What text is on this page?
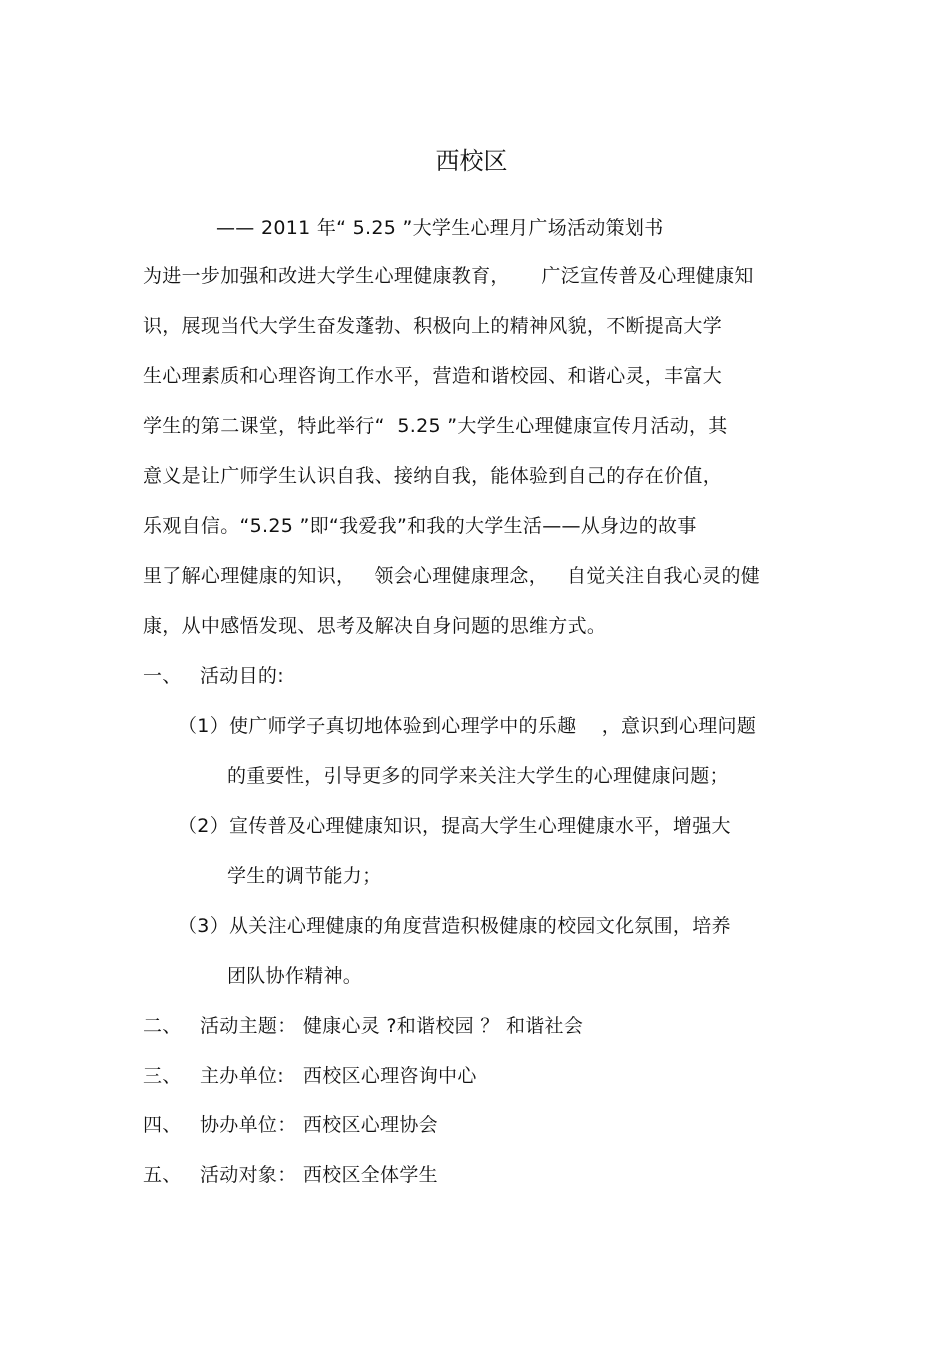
西校区
—— 2011 年“ 5.25 ”大学生心理月广场活动策划书
为进一步加强和改进大学生心理健康教育，     广泛宣传普及心理健康知
识，展现当代大学生奋发蓬勃、积极向上的精神风貌，不断提高大学
生心理素质和心理咨询工作水平，营造和谐校园、和谐心灵，丰富大
学生的第二课堂，特此举行“  5.25 ”大学生心理健康宣传月活动，其
意义是让广师学生认识自我、接纳自我，能体验到自己的存在价值，
乐观自信。“5.25 ”即“我爱我”和我的大学生活——从身边的故事
里了解心理健康的知识，   领会心理健康理念，   自觉关注自我心灵的健
康，从中感悟发现、思考及解决自身问题的思维方式。
一、 活动目的:
（1）使广师学子真切地体验到心理学中的乐趣    ，意识到心理问题
的重要性，引导更多的同学来关注大学生的心理健康问题；
（2）宣传普及心理健康知识，提高大学生心理健康水平，增强大
学生的调节能力；
（3）从关注心理健康的角度营造积极健康的校园文化氛围，培养
团队协作精神。
二、 活动主题： 健康心灵 ?和谐校园 ？ 和谐社会
三、 主办单位:   西校区心理咨询中心
四、 协办单位： 西校区心理协会
五、 活动对象： 西校区全体学生
